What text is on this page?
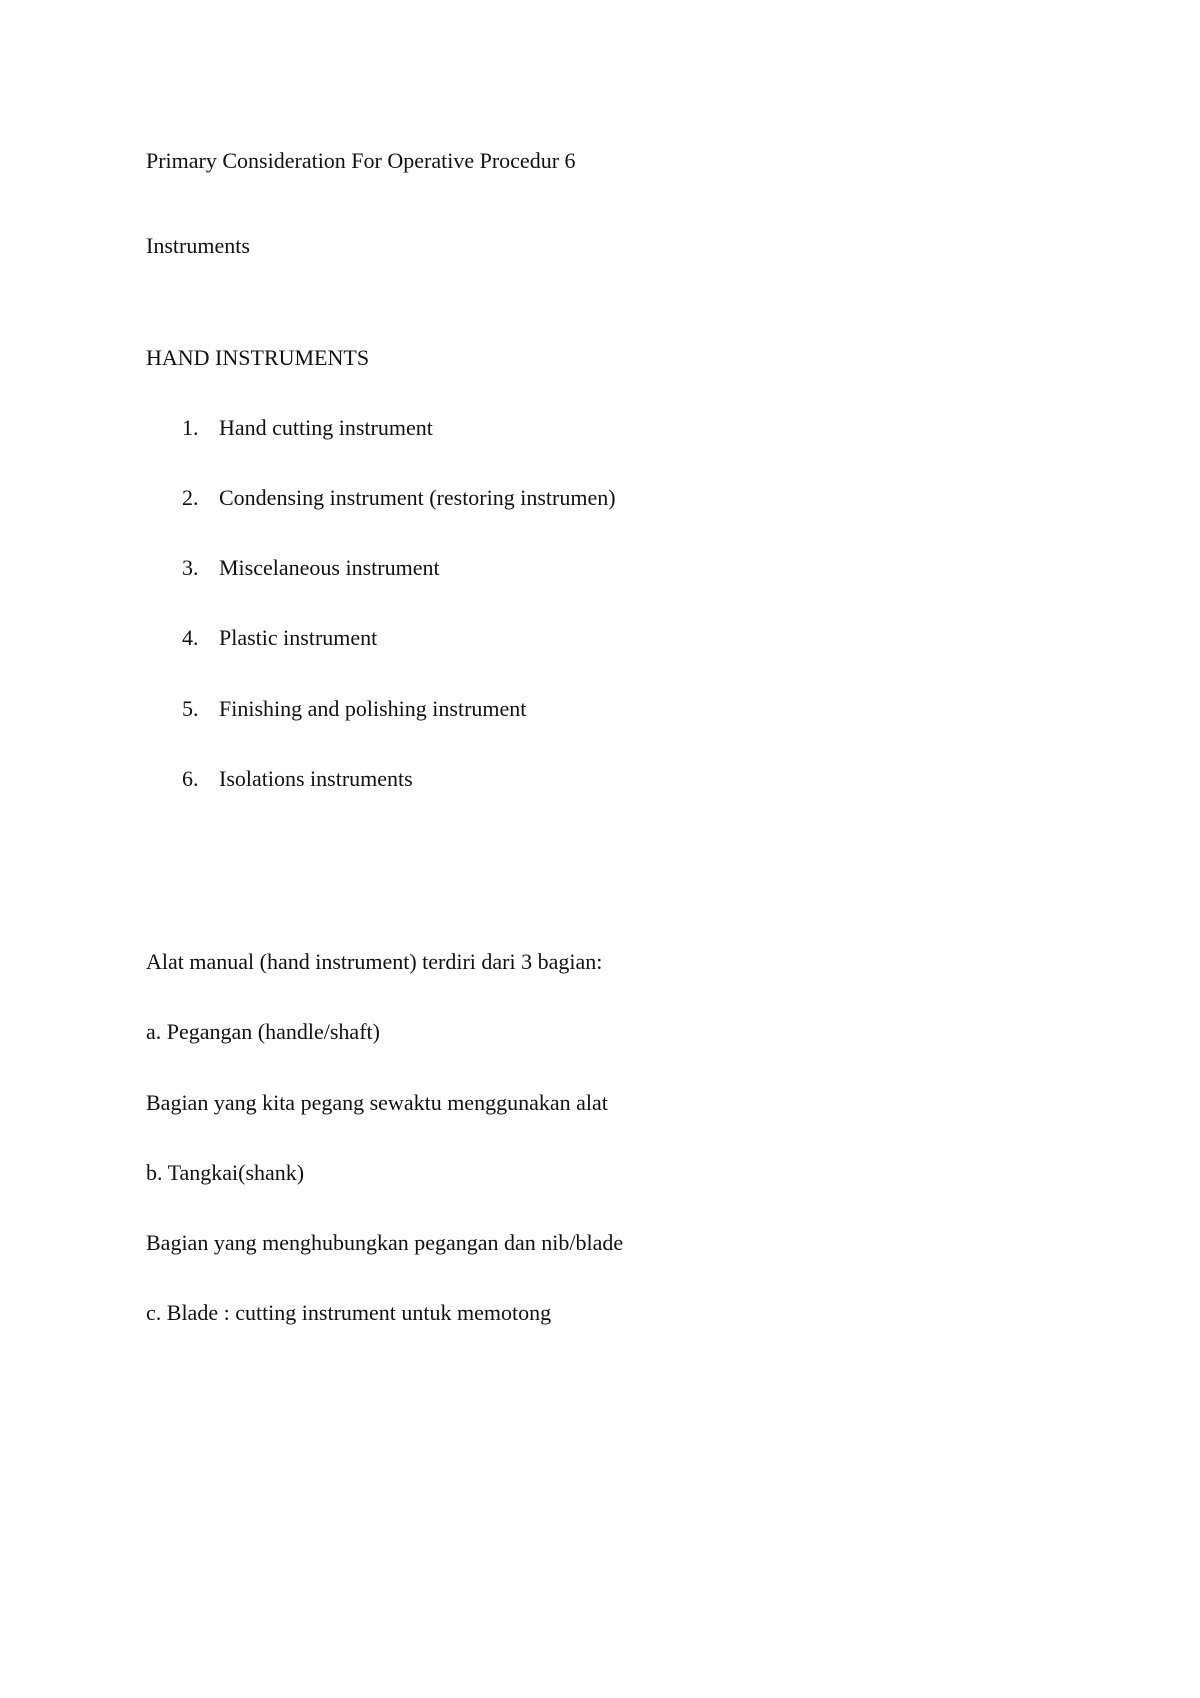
Primary Consideration For Operative Procedur 6
Instruments
HAND INSTRUMENTS
1. Hand cutting instrument
2. Condensing instrument (restoring instrumen)
3. Miscelaneous instrument
4. Plastic instrument
5. Finishing and polishing instrument
6. Isolations instruments
Alat manual (hand instrument) terdiri dari 3 bagian:
a. Pegangan (handle/shaft)
Bagian yang kita pegang sewaktu menggunakan alat
b. Tangkai(shank)
Bagian yang menghubungkan pegangan dan nib/blade
c. Blade : cutting instrument untuk memotong
